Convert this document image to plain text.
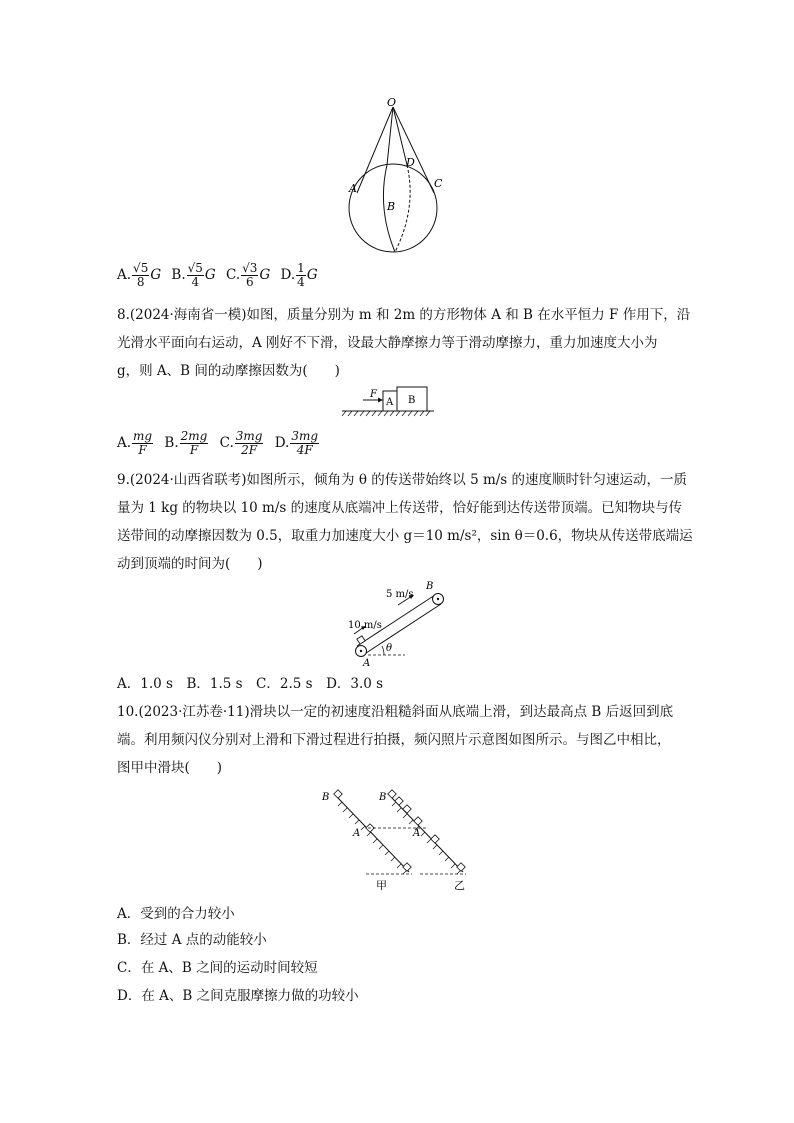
O
A
B
C
D
A. $\frac{√5}{8}$ G B. $\frac{√5}{4}$ G C. $\frac{√3}{6}$ G D. $\frac{1}{4}$ G
8.(2024·海南省一模)如图，质量分别为 m 和 2m 的方形物体 A 和 B 在水平恒力 F 作用下，沿
光滑水平面向右运动，A 刚好不下滑，设最大静摩擦力等于滑动摩擦力，重力加速度大小为
g，则 A、B 间的动摩擦因数为(　　)
F
A B
A. $\frac{mg}{F} B$. $\frac{2mg}{F} C$. $\frac{3mg}{2F} D$. $\frac{3mg}{4F}$
9.(2024·山西省联考)如图所示，倾角为 θ 的传送带始终以 5 m/s 的速度顺时针匀速运动，一质
量为 1 kg 的物块以 10 m/s 的速度从底端冲上传送带，恰好能到达传送带顶端。已知物块与传
送带间的动摩擦因数为 0.5，取重力加速度大小 g＝10 m/s²，sin θ＝0.6，物块从传送带底端运
动到顶端的时间为(　　)
5 m/s
10 m/s
B
A
θ
A．1.0 s　B．1.5 s　C．2.5 s　D．3.0 s
10.(2023·江苏卷·11)滑块以一定的初速度沿粗糙斜面从底端上滑，到达最高点 B 后返回到底
端。利用频闪仪分别对上滑和下滑过程进行拍摄，频闪照片示意图如图所示。与图乙中相比，
图甲中滑块(　　)
B
A
B
A
甲	乙
A．受到的合力较小
B．经过 A 点的动能较小
C．在 A、B 之间的运动时间较短
D．在 A、B 之间克服摩擦力做的功较小
